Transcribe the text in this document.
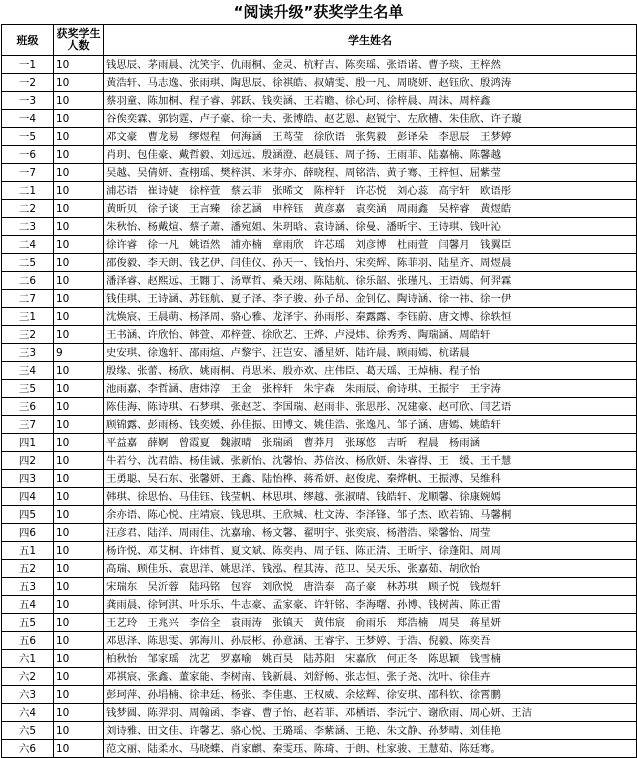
“阅读升级”获奖学生名单
班级	获奖学生人数	学生姓名
一1	10	钱思辰、茅雨晨、沈笑宇、仇雨桐、金灵、杭籽吉、陈奕瑶、张语诺、曹予琰、王梓然
一2	10	黄浩轩、马志逸、张雨琪、陶思辰、徐祺皓、叔婧雯、殷一凡、周晓妍、赵钰欣、殷鸿涛
一3	10	蔡羽童、陈加桐、程子睿、郭跃、钱奕涵、王若瞻、徐心珂、徐梓晨、周沫、周梓鑫
一4	10	谷俟奕霖、郭钧霆、卢子豪、徐一夫、张博皓、赵艺恩、赵锐宁、左欣槽、朱佳欣、许子璇
一5	10	邓文豪　曹龙易　缪煜程　何海涵　王茑莹　徐欣语　张隽毅　彭译朵　李思辰　王梦婷
一6	10	肖玥、包佳豪、戴哲毅、刘远远、殷涵澄、赵晨钰、周子扬、王雨菲、陆嘉楠、陈馨越
一7	10	吴越、吴倩妍、查栩瑶、樊梓淇、米芽亦、薛晓程、周铭浩、黄子骞、王梓恒、屈紫莹
二1	10	浦芯语　崔诗婕　徐梓萱　蔡云菲　张晞文　陈梓轩　许芯悦　刘心蕊　高宇轩　欧语彤
二2	10	黄昕贝　徐子谈　王言臻　徐艺涵　申梓钰　黄彦嘉　袁奕涵　周雨鑫　吴梓睿　黄煜皓
二3	10	朱秋怡、杨戴煊、蔡子萧、潘宛姐、朱玥晗、袁诗涵、徐曼、潘昕宇、王诗琪、钱叶沁
二4	10	徐许睿　徐一凡　姚语然　浦亦楠　章雨欣　许芯瑶　刘彦博　杜雨萱　闫馨月　钱翼臣
二5	10	邵俊毅、李天朗、钱艺伊、闫佳仪、孙天一、钱怡丹、宋奕辉、陈菲羽、陆星齐、周煜晨
二6	10	潘泽睿、赵熙远、王翾丁、汤覃哲、桑天翊、陈陆航、徐乐韶、张瑾凡、王语嫣、何羿霖
二7	10	钱佳琪、王诗涵、苏钰航、夏子泽、李子骏、孙子昂、金钊亿、陶诗涵、徐一祎、徐一伊
三1	10	沈焕宸、王晨萌、杨泽周、骆心雅、龙泽宇、孙雨彤、秦露露、李钰蔚、唐文博、徐轶恒
三2	10	王书涵、许欣怡、韩萱、邓梓萱、徐欣艺、王烨、卢浸炜、徐秀秀、陶瑞涵、周皓轩
三3	9	史安琪、徐逸轩、邵雨煊、卢黎宇、汪岂安、潘星妍、陆许晨、顾雨嫣、杭诺晨
三4	10	殷缘、张蕾、杨欣、姚雨桐、肖思米、殷亦欢、庄伟臣、葛天瑶、王焯楠、程子怡
三5	10	池雨嘉、李哲涵、唐炜淳　王金　张梓轩　朱宇森　朱雨辰、俞诗琪、王振宇　王宇涛
三6	10	陈佳海、陈诗琪、石梦琪、张赵芝、李国瑞、赵雨非、张思彤、况建豪、赵可欣、闫艺语
三7	10	顾锦露、彭雨杨、钱奕媛、孙佳振、田博文、姚佳浩、张逸凡、邹子涵、唐嫣、姚皓轩
四1	10	平益嘉　薛婀　曾霞夏　魏淑晴　张瑞函　曹莽月　张琢悠　吉昕　程晨　杨雨涵
四2	10	牛若兮、沈君皓、杨佳诚、张新怡、沈馨怡、苏倍汝、杨欣妍、朱睿得、王　缓、王千慧
四3	10	王勇聪、吴石东、张馨妍、王鑫、陆怡桦、蒋希妍、赵俊虎、秦烨帆、王振溥、吴维科
四4	10	韩琪、徐思怡、马佳钰、钱莹帆、林思琪、缪越、张淑晴、钱皓轩、龙顺馨、徐康婉嫣
四5	10	余亦语、陈心悦、庄靖宸、钱思琪、王欣城、杜文涛、李泽锋、邹子杰、欧若锦、马馨桐
四6	10	汪彦君、陆洋、周雨佳、沈嘉瑜、杨文馨、翟明宇、张奕宸、杨潜浩、梁馨怡、周莹
五1	10	杨许悦、邓艾桐、许炜哲、夏文斌、陈奕冉、周子钰、陈正清、王昕宇、徐蓬阳、周周
五2	10	高瑞、顾佳乐、袁思洋、姚思洋、钱泓、程其涛、范卫、吴天乐、张嘉茹、胡欣怡
五3	10	宋瑞东　吴沂蓉　陆玛铭　包容　刘欣悦　唐浩泰　高子豪　林苏琪　顾子悦　钱煜轩
五4	10	龚雨晨、徐钶淇、叶乐乐、牛志豪、孟家豪、许轩铭、李海曙、孙博、钱树茜、陈正雷
五5	10	王艺玲　王兆兴　李倍全　袁雨涛　张镇天　黄伟宸　俞雨乐　郑浩楠　周昊　蒋星妍
五6	10	邓思泽、陈思雯、郭海川、孙辰彬、孙意涵、王睿宇、王梦婷、于浩、倪毅、陈奕吾
六1	10	柏秋怡　邹家瑶　沈艺　罗嘉喻　姚百昊　陆苏阳　宋嘉欣　何正冬　陈思颖　钱雪楠
六2	10	邓祺宸、张鑫、董家能、李树南、钱新晨、刘舒畅、张志恒、张子尧、沈叶、徐佳卉
六3	10	彭珂萍、孙埍楠、徐聿廷、杨张、李佳惠、王权威、余炫辉、徐安琪、邵科钦、徐霄鹏
六4	10	钱梦圆、陈羿羽、周翰函、李睿、曹子怡、赵若菲、邓栖语、李沅宁、谢欣雨、周心妍、王洁
六5	10	刘诗雅、田文佳、许馨艺、骆心悦、王璐瑶、李紫涵、王艳、朱文静、孙梦晴、刘佳艳
六6	10	范文丽、陆柔水、马晓蝶、肖家麒、秦雯珏、陈琦、于朗、杜家骏、王慧茹、陈廷骞。
